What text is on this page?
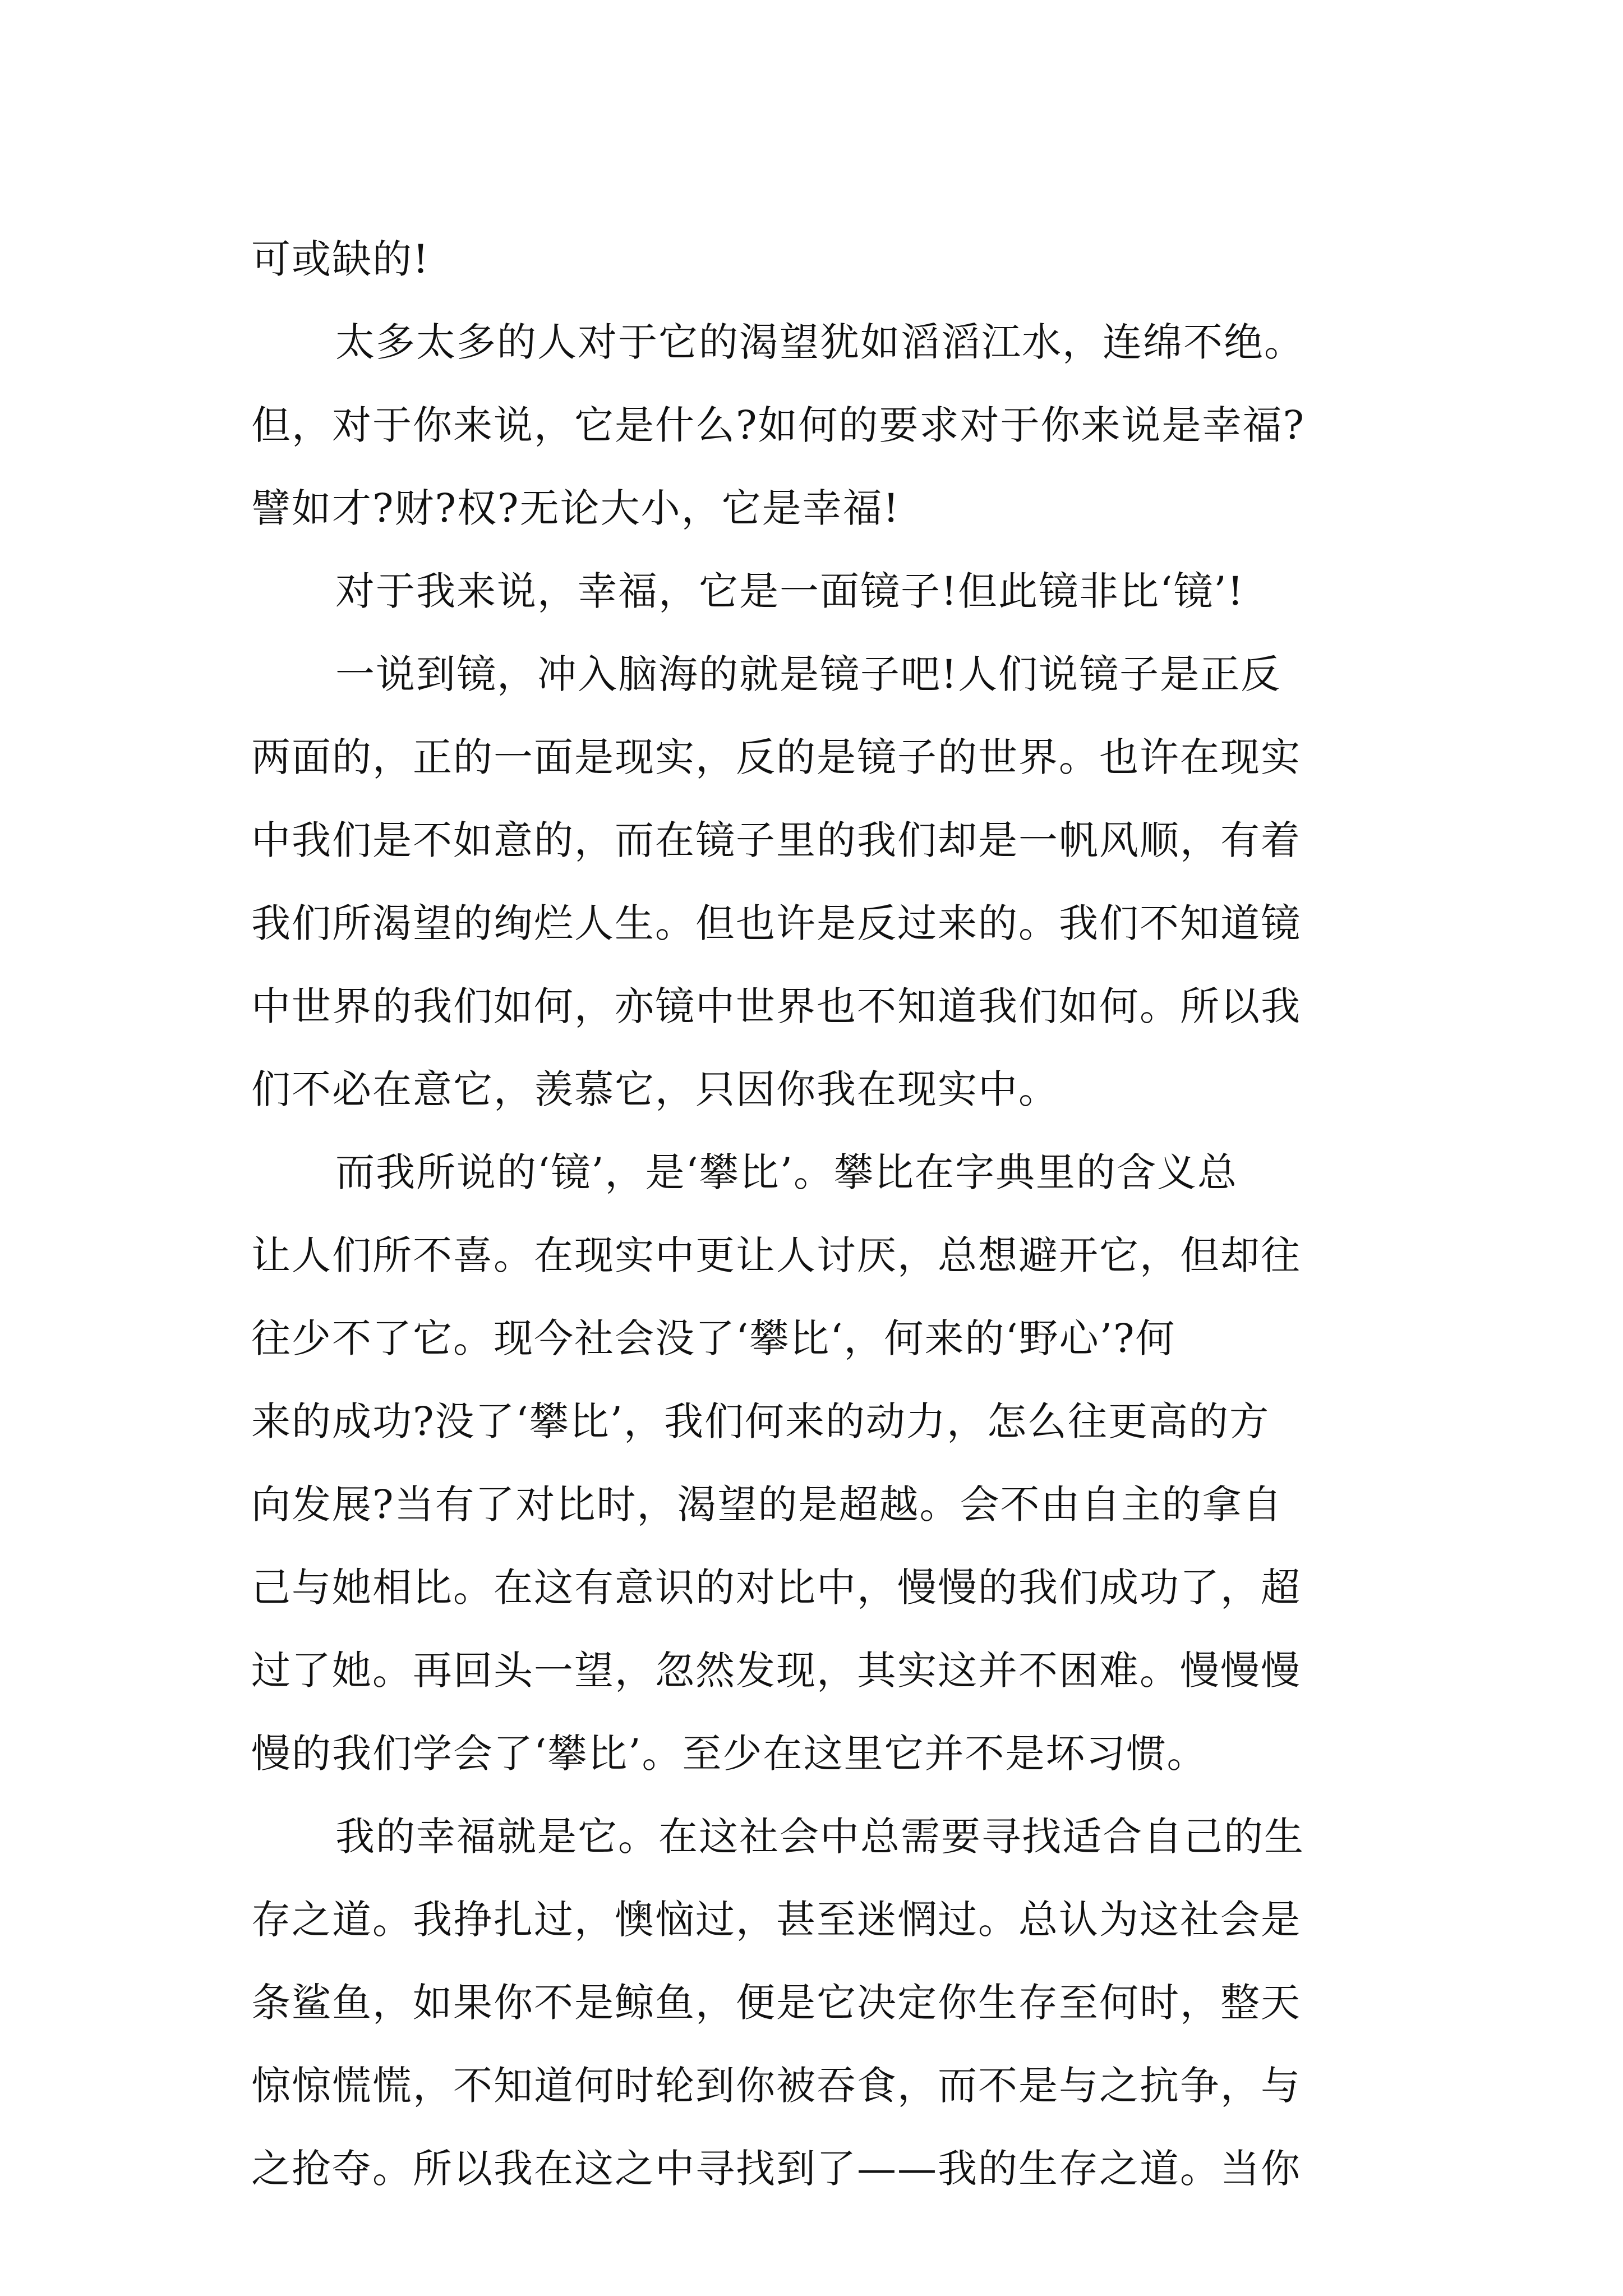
可或缺的!
太多太多的人对于它的渴望犹如滔滔江水，连绵不绝。
但，对于你来说，它是什么?如何的要求对于你来说是幸福?
譬如才?财?权?无论大小，它是幸福!
对于我来说，幸福，它是一面镜子!但此镜非比‘镜’!
一说到镜，冲入脑海的就是镜子吧!人们说镜子是正反
两面的，正的一面是现实，反的是镜子的世界。也许在现实
中我们是不如意的，而在镜子里的我们却是一帆风顺，有着
我们所渴望的绚烂人生。但也许是反过来的。我们不知道镜
中世界的我们如何，亦镜中世界也不知道我们如何。所以我
们不必在意它，羡慕它，只因你我在现实中。
而我所说的‘镜’，是‘攀比’。攀比在字典里的含义总
让人们所不喜。在现实中更让人讨厌，总想避开它，但却往
往少不了它。现今社会没了‘攀比‘，何来的‘野心’?何
来的成功?没了‘攀比’，我们何来的动力，怎么往更高的方
向发展?当有了对比时，渴望的是超越。会不由自主的拿自
己与她相比。在这有意识的对比中，慢慢的我们成功了，超
过了她。再回头一望，忽然发现，其实这并不困难。慢慢慢
慢的我们学会了‘攀比’。至少在这里它并不是坏习惯。
我的幸福就是它。在这社会中总需要寻找适合自己的生
存之道。我挣扎过，懊恼过，甚至迷惘过。总认为这社会是
条鲨鱼，如果你不是鲸鱼，便是它决定你生存至何时，整天
惊惊慌慌，不知道何时轮到你被吞食，而不是与之抗争，与
之抢夺。所以我在这之中寻找到了——我的生存之道。当你
